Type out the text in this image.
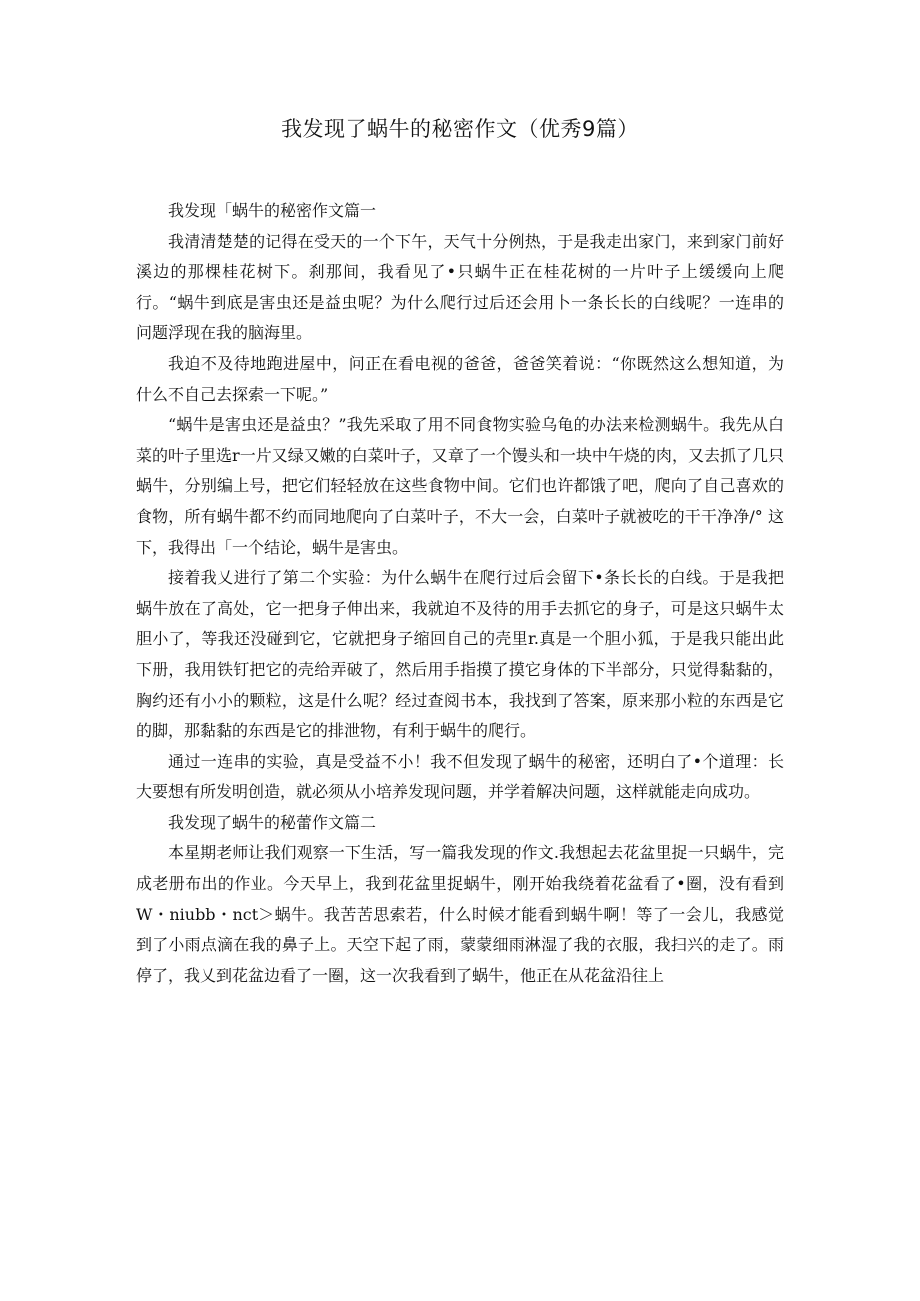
我发现了蜗牛的秘密作文（优秀9篇）

我发现「蜗牛的秘密作文篇一

我清清楚楚的记得在受天的一个下午，天气十分例热，于是我走出家门，来到家门前好溪边的那棵桂花树下。刹那间，我看见了•只蜗牛正在桂花树的一片叶子上缓缓向上爬行。“蜗牛到底是害虫还是益虫呢？为什么爬行过后还会用卜一条长长的白线呢？一连串的问题浮现在我的脑海里。

我迫不及待地跑进屋中，问正在看电视的爸爸，爸爸笑着说：“你既然这么想知道，为什么不自己去探索一下呢。”

“蜗牛是害虫还是益虫？”我先采取了用不同食物实验乌龟的办法来检测蜗牛。我先从白菜的叶子里选r一片又绿又嫩的白菜叶子，又章了一个馒头和一块中午烧的肉，又去抓了几只蜗牛，分别编上号，把它们轻轻放在这些食物中间。它们也许都饿了吧，爬向了自己喜欢的食物，所有蜗牛都不约而同地爬向了白菜叶子，不大一会，白菜叶子就被吃的干干净净/° 这下，我得出「一个结论，蜗牛是害虫。

接着我乂进行了第二个实验：为什么蜗牛在爬行过后会留下•条长长的白线。于是我把蜗牛放在了高处，它一把身子伸出来，我就迫不及待的用手去抓它的身子，可是这只蜗牛太胆小了，等我还没碰到它，它就把身子缩回自己的壳里r.真是一个胆小狐，于是我只能出此下册，我用铁钉把它的壳给弄破了，然后用手指摸了摸它身体的下半部分，只觉得黏黏的，胸约还有小小的颗粒，这是什么呢？经过查阅书本，我找到了答案，原来那小粒的东西是它的脚，那黏黏的东西是它的排泄物，有利于蜗牛的爬行。

通过一连串的实验，真是受益不小！我不但发现了蜗牛的秘密，还明白了•个道理：长大要想有所发明创造，就必须从小培养发现问题，并学着解决问题，这样就能走向成功。

我发现了蜗牛的秘蕾作文篇二

本星期老师让我们观察一下生活，写一篇我发现的作文.我想起去花盆里捉一只蜗牛，完成老册布出的作业。今天早上，我到花盆里捉蜗牛，刚开始我绕着花盆看了•圈，没有看到W・niubb・nct＞蜗牛。我苦苦思索若，什么时候才能看到蜗牛啊！等了一会儿，我感觉到了小雨点滴在我的鼻子上。天空下起了雨，蒙蒙细雨淋湿了我的衣服，我扫兴的走了。雨停了，我乂到花盆边看了一圈，这一次我看到了蜗牛，他正在从花盆沿往上
